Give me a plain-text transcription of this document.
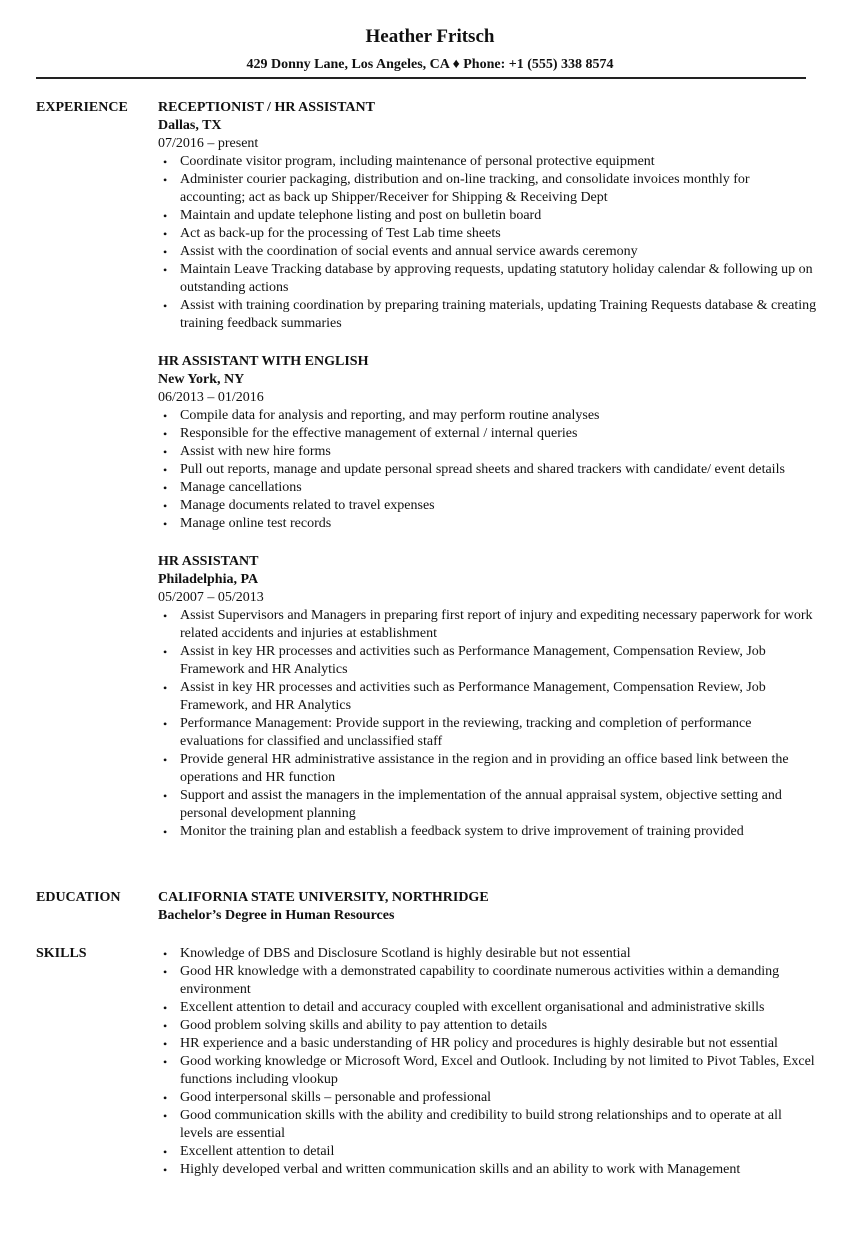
Heather Fritsch
429 Donny Lane, Los Angeles, CA ♦ Phone: +1 (555) 338 8574
EXPERIENCE RECEPTIONIST / HR ASSISTANT
Dallas, TX
07/2016 – present
• Coordinate visitor program, including maintenance of personal protective equipment
• Administer courier packaging, distribution and on-line tracking, and consolidate invoices monthly for accounting; act as back up Shipper/Receiver for Shipping & Receiving Dept
• Maintain and update telephone listing and post on bulletin board
• Act as back-up for the processing of Test Lab time sheets
• Assist with the coordination of social events and annual service awards ceremony
• Maintain Leave Tracking database by approving requests, updating statutory holiday calendar & following up on outstanding actions
• Assist with training coordination by preparing training materials, updating Training Requests database & creating training feedback summaries
HR ASSISTANT WITH ENGLISH
New York, NY
06/2013 – 01/2016
• Compile data for analysis and reporting, and may perform routine analyses
• Responsible for the effective management of external / internal queries
• Assist with new hire forms
• Pull out reports, manage and update personal spread sheets and shared trackers with candidate/ event details
• Manage cancellations
• Manage documents related to travel expenses
• Manage online test records
HR ASSISTANT
Philadelphia, PA
05/2007 – 05/2013
• Assist Supervisors and Managers in preparing first report of injury and expediting necessary paperwork for work related accidents and injuries at establishment
• Assist in key HR processes and activities such as Performance Management, Compensation Review, Job Framework and HR Analytics
• Assist in key HR processes and activities such as Performance Management, Compensation Review, Job Framework, and HR Analytics
• Performance Management: Provide support in the reviewing, tracking and completion of performance evaluations for classified and unclassified staff
• Provide general HR administrative assistance in the region and in providing an office based link between the operations and HR function
• Support and assist the managers in the implementation of the annual appraisal system, objective setting and personal development planning
• Monitor the training plan and establish a feedback system to drive improvement of training provided
EDUCATION	CALIFORNIA STATE UNIVERSITY, NORTHRIDGE
Bachelor’s Degree in Human Resources
SKILLS	• Knowledge of DBS and Disclosure Scotland is highly desirable but not essential
• Good HR knowledge with a demonstrated capability to coordinate numerous activities within a demanding environment
• Excellent attention to detail and accuracy coupled with excellent organisational and administrative skills
• Good problem solving skills and ability to pay attention to details
• HR experience and a basic understanding of HR policy and procedures is highly desirable but not essential
• Good working knowledge or Microsoft Word, Excel and Outlook. Including by not limited to Pivot Tables, Excel functions including vlookup
• Good interpersonal skills – personable and professional
• Good communication skills with the ability and credibility to build strong relationships and to operate at all levels are essential
• Excellent attention to detail
• Highly developed verbal and written communication skills and an ability to work with Management
